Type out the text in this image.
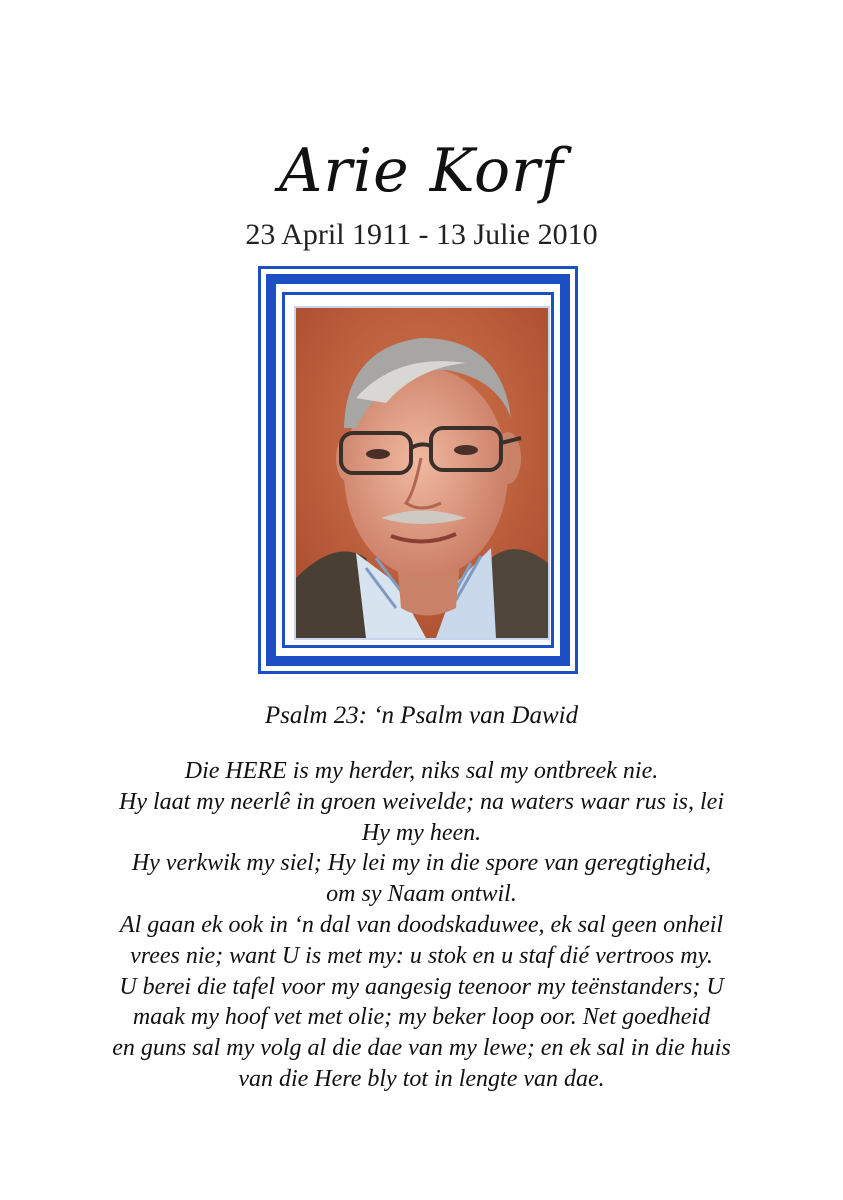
Arie Korf
23 April 1911 - 13 Julie 2010
Psalm 23: ‘n Psalm van Dawid
Die HERE is my herder, niks sal my ontbreek nie.
Hy laat my neerlê in groen weivelde; na waters waar rus is, lei
Hy my heen.
Hy verkwik my siel; Hy lei my in die spore van geregtigheid,
om sy Naam ontwil.
Al gaan ek ook in ‘n dal van doodskaduwee, ek sal geen onheil
vrees nie; want U is met my: u stok en u staf dié vertroos my.
U berei die tafel voor my aangesig teenoor my teënstanders; U
maak my hoof vet met olie; my beker loop oor. Net goedheid
en guns sal my volg al die dae van my lewe; en ek sal in die huis
van die Here bly tot in lengte van dae.
